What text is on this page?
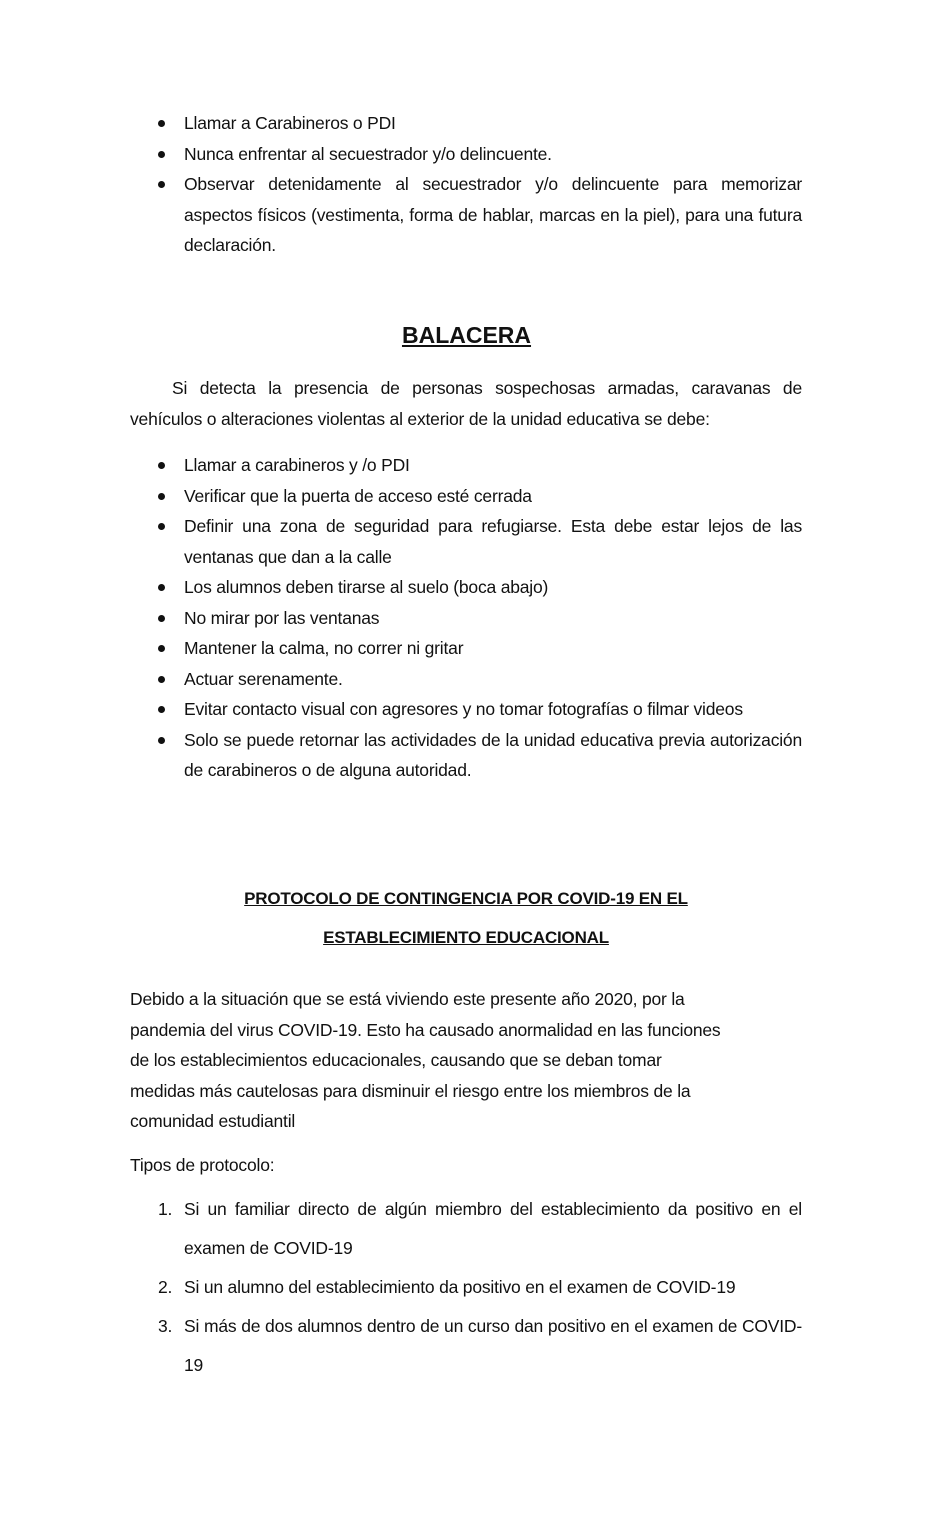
Llamar a Carabineros o PDI
Nunca enfrentar al secuestrador y/o delincuente.
Observar detenidamente al secuestrador y/o delincuente para memorizar aspectos físicos (vestimenta, forma de hablar, marcas en la piel), para una futura declaración.
BALACERA
Si detecta la presencia de personas sospechosas armadas, caravanas de vehículos o alteraciones violentas al exterior de la unidad educativa se debe:
Llamar a carabineros y /o PDI
Verificar que la puerta de acceso esté cerrada
Definir una zona de seguridad para refugiarse. Esta debe estar lejos de las ventanas que dan a la calle
Los alumnos deben tirarse al suelo (boca abajo)
No mirar por las ventanas
Mantener la calma, no correr ni gritar
Actuar serenamente.
Evitar contacto visual con agresores y no tomar fotografías o filmar videos
Solo se puede retornar las actividades de la unidad educativa previa autorización de carabineros o de alguna autoridad.
PROTOCOLO DE CONTINGENCIA POR COVID-19 EN EL
ESTABLECIMIENTO EDUCACIONAL
Debido a la situación que se está viviendo este presente año 2020, por la
pandemia del virus COVID-19. Esto ha causado anormalidad en las funciones
de los establecimientos educacionales, causando que se deban tomar
medidas más cautelosas para disminuir el riesgo entre los miembros de la
comunidad estudiantil
Tipos de protocolo:
1. Si un familiar directo de algún miembro del establecimiento da positivo en el examen de COVID-19
2. Si un alumno del establecimiento da positivo en el examen de COVID-19
3. Si más de dos alumnos dentro de un curso dan positivo en el examen de COVID-19
